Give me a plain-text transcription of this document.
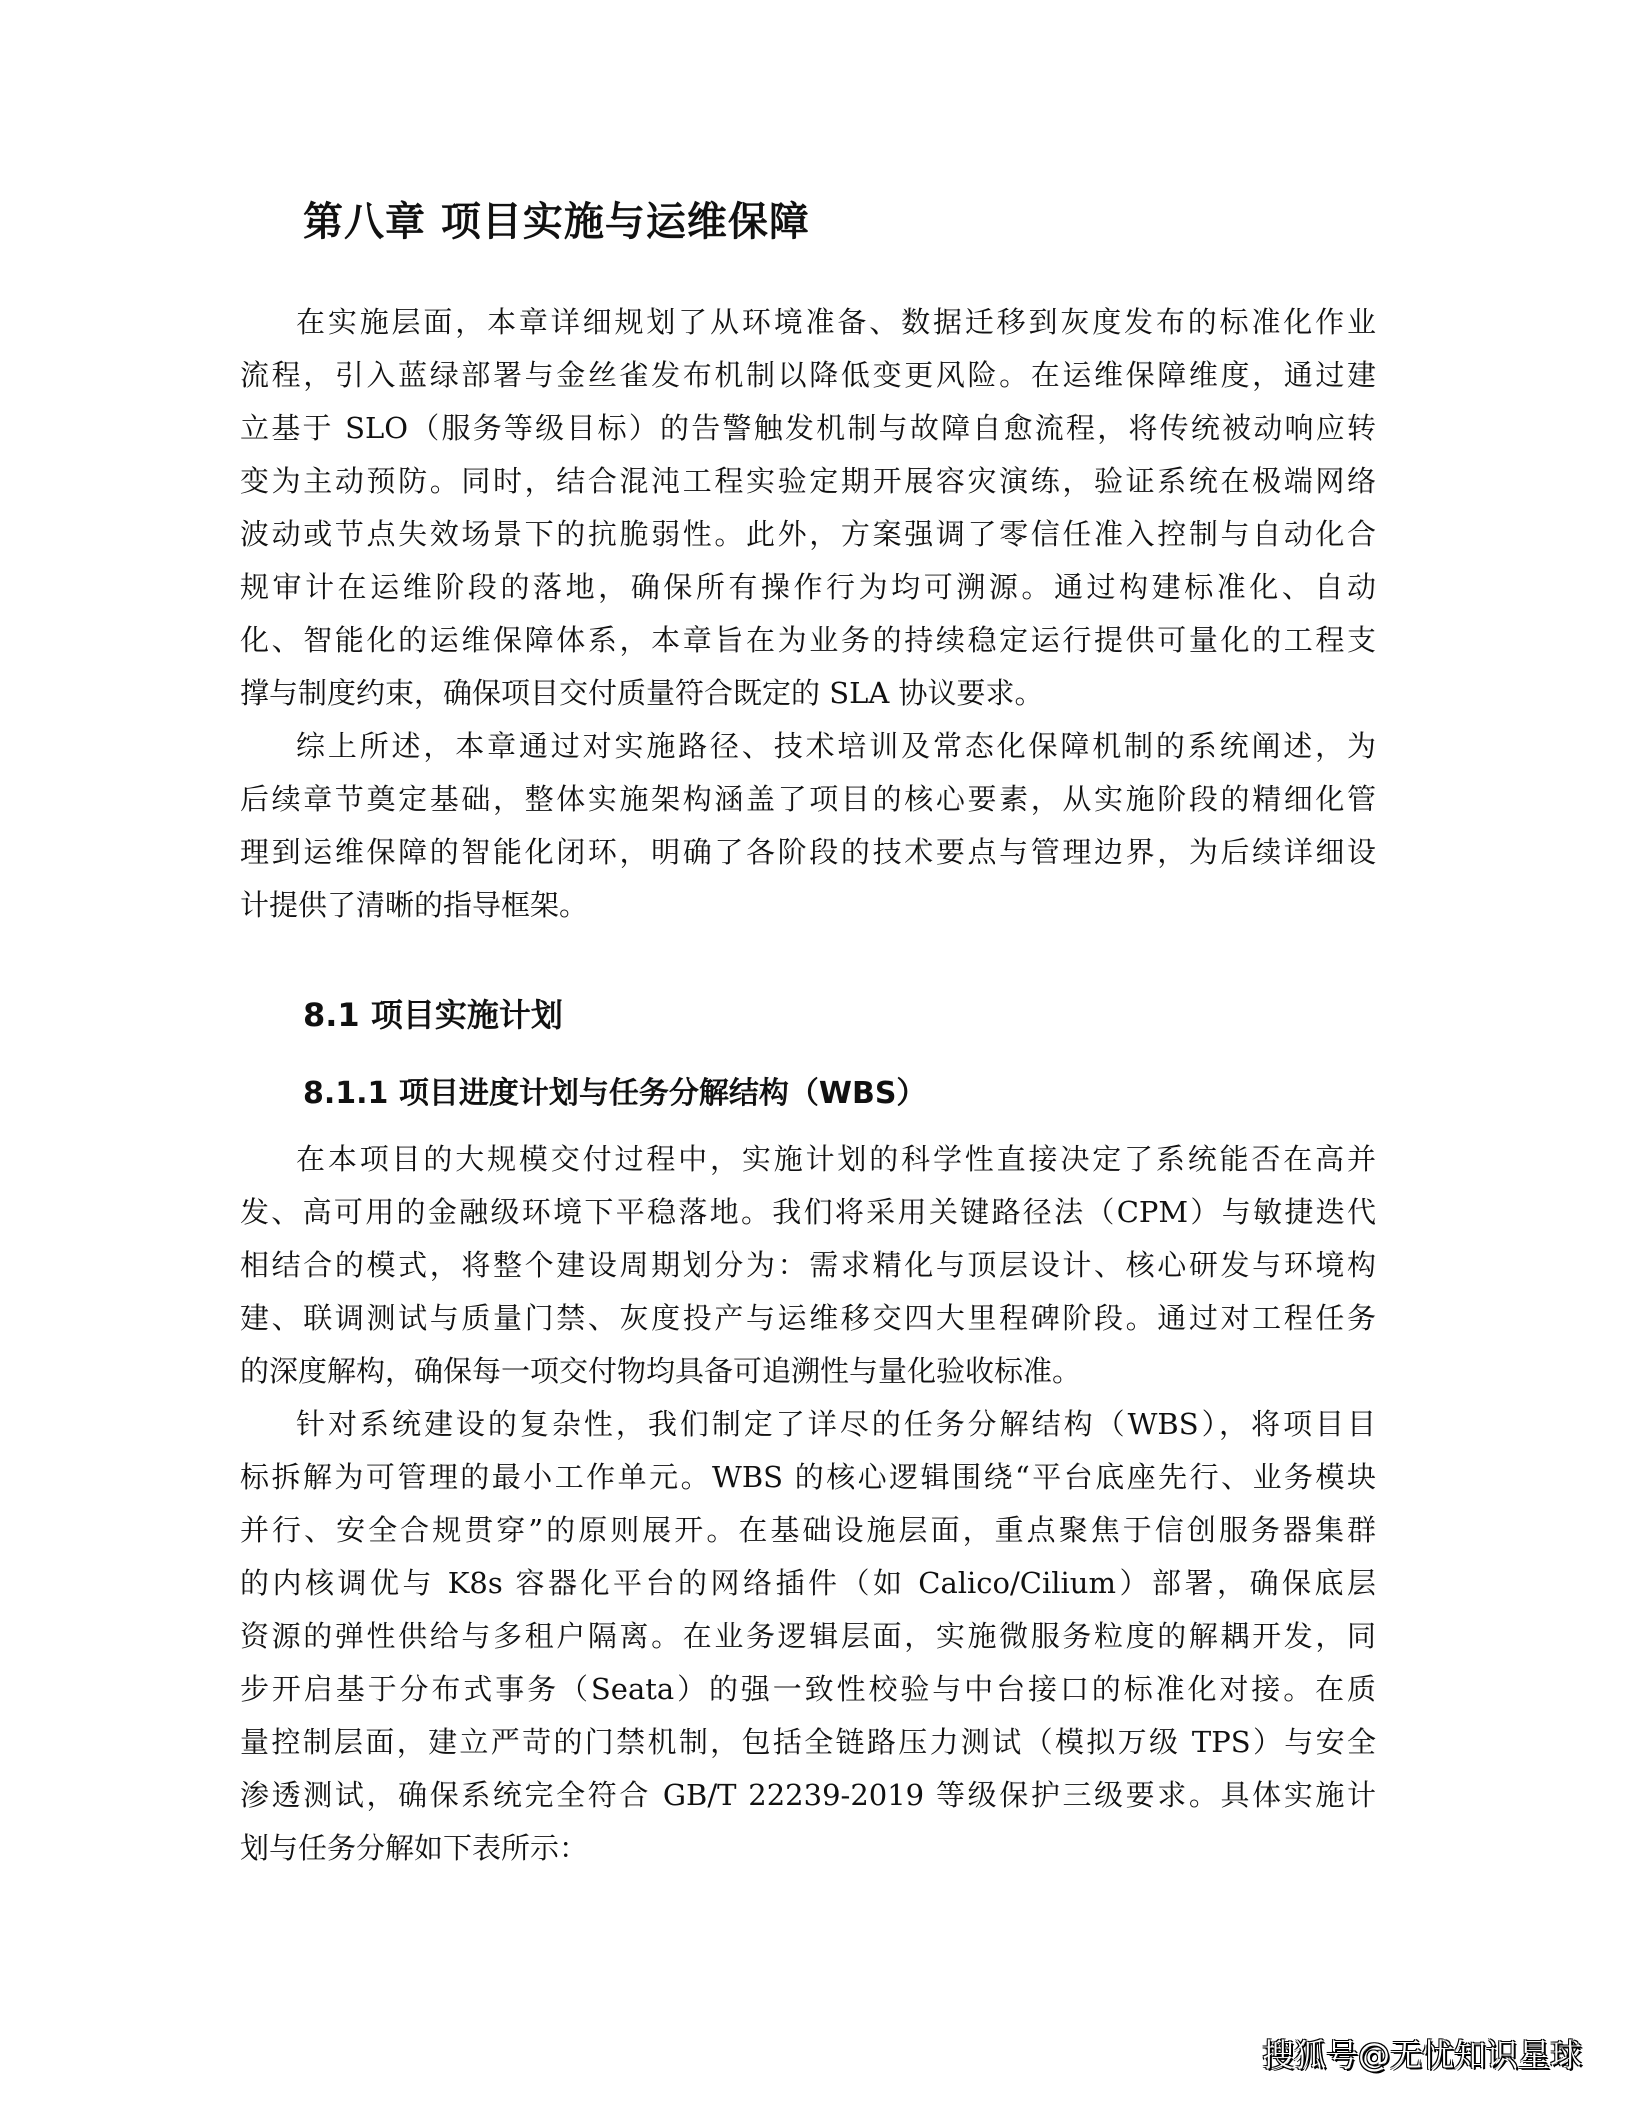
第八章 项目实施与运维保障
在实施层面，本章详细规划了从环境准备、数据迁移到灰度发布的标准化作业
流程，引入蓝绿部署与金丝雀发布机制以降低变更风险。在运维保障维度，通过建
立基于 SLO（服务等级目标）的告警触发机制与故障自愈流程，将传统被动响应转
变为主动预防。同时，结合混沌工程实验定期开展容灾演练，验证系统在极端网络
波动或节点失效场景下的抗脆弱性。此外，方案强调了零信任准入控制与自动化合
规审计在运维阶段的落地，确保所有操作行为均可溯源。通过构建标准化、自动
化、智能化的运维保障体系，本章旨在为业务的持续稳定运行提供可量化的工程支
撑与制度约束，确保项目交付质量符合既定的 SLA 协议要求。
综上所述，本章通过对实施路径、技术培训及常态化保障机制的系统阐述，为
后续章节奠定基础，整体实施架构涵盖了项目的核心要素，从实施阶段的精细化管
理到运维保障的智能化闭环，明确了各阶段的技术要点与管理边界，为后续详细设
计提供了清晰的指导框架。
8.1 项目实施计划
8.1.1 项目进度计划与任务分解结构（WBS）
在本项目的大规模交付过程中，实施计划的科学性直接决定了系统能否在高并
发、高可用的金融级环境下平稳落地。我们将采用关键路径法（CPM）与敏捷迭代
相结合的模式，将整个建设周期划分为：需求精化与顶层设计、核心研发与环境构
建、联调测试与质量门禁、灰度投产与运维移交四大里程碑阶段。通过对工程任务
的深度解构，确保每一项交付物均具备可追溯性与量化验收标准。
针对系统建设的复杂性，我们制定了详尽的任务分解结构（WBS），将项目目
标拆解为可管理的最小工作单元。WBS 的核心逻辑围绕“平台底座先行、业务模块
并行、安全合规贯穿”的原则展开。在基础设施层面，重点聚焦于信创服务器集群
的内核调优与 K8s 容器化平台的网络插件（如 Calico/Cilium）部署，确保底层
资源的弹性供给与多租户隔离。在业务逻辑层面，实施微服务粒度的解耦开发，同
步开启基于分布式事务（Seata）的强一致性校验与中台接口的标准化对接。在质
量控制层面，建立严苛的门禁机制，包括全链路压力测试（模拟万级 TPS）与安全
渗透测试，确保系统完全符合 GB/T 22239-2019 等级保护三级要求。具体实施计
划与任务分解如下表所示：
搜狐号@无忧知识星球
